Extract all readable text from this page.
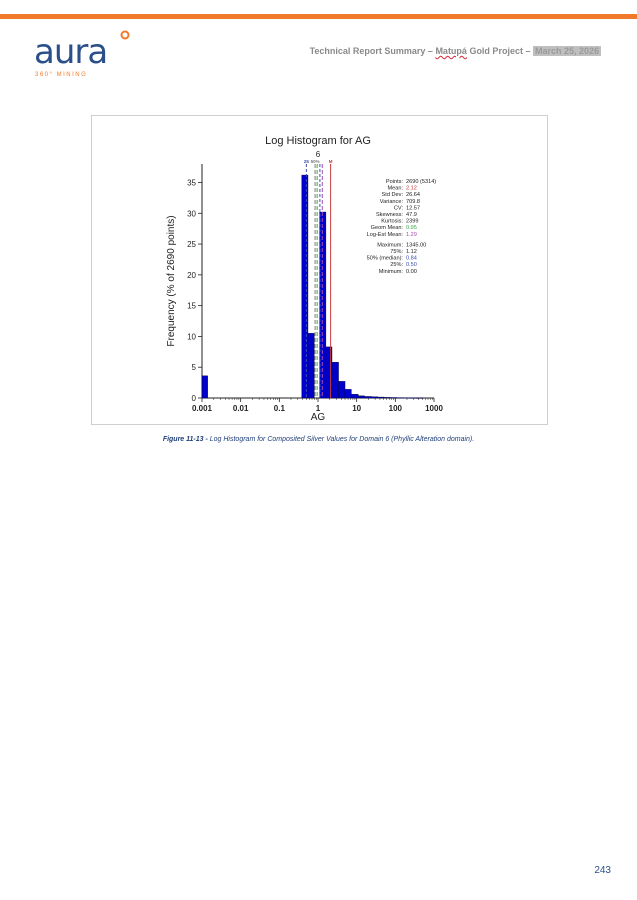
aura
360° MINING
Technical Report Summary – Matupá Gold Project – March 25, 2026
Log Histogram for AG
6
AG
Frequency (% of 2690 points)
0
5
10
15
20
25
30
35
0.001	0.01	0.1	1	10	100	1000
25 50% M
Points: 2690 (5314)
Mean: 2.12
Std Dev: 26.64
Variance: 709.8
CV: 12.57
Skewness: 47.9
Kurtosis: 2399
Geom Mean: 0.95
Log-Est Mean: 1.29
Maximum: 1345.00
75%: 1.12
50% (median): 0.84
25%: 0.50
Minimum: 0.00
Figure 11-13 - Log Histogram for Composited Silver Values for Domain 6 (Phyllic Alteration domain).
243
